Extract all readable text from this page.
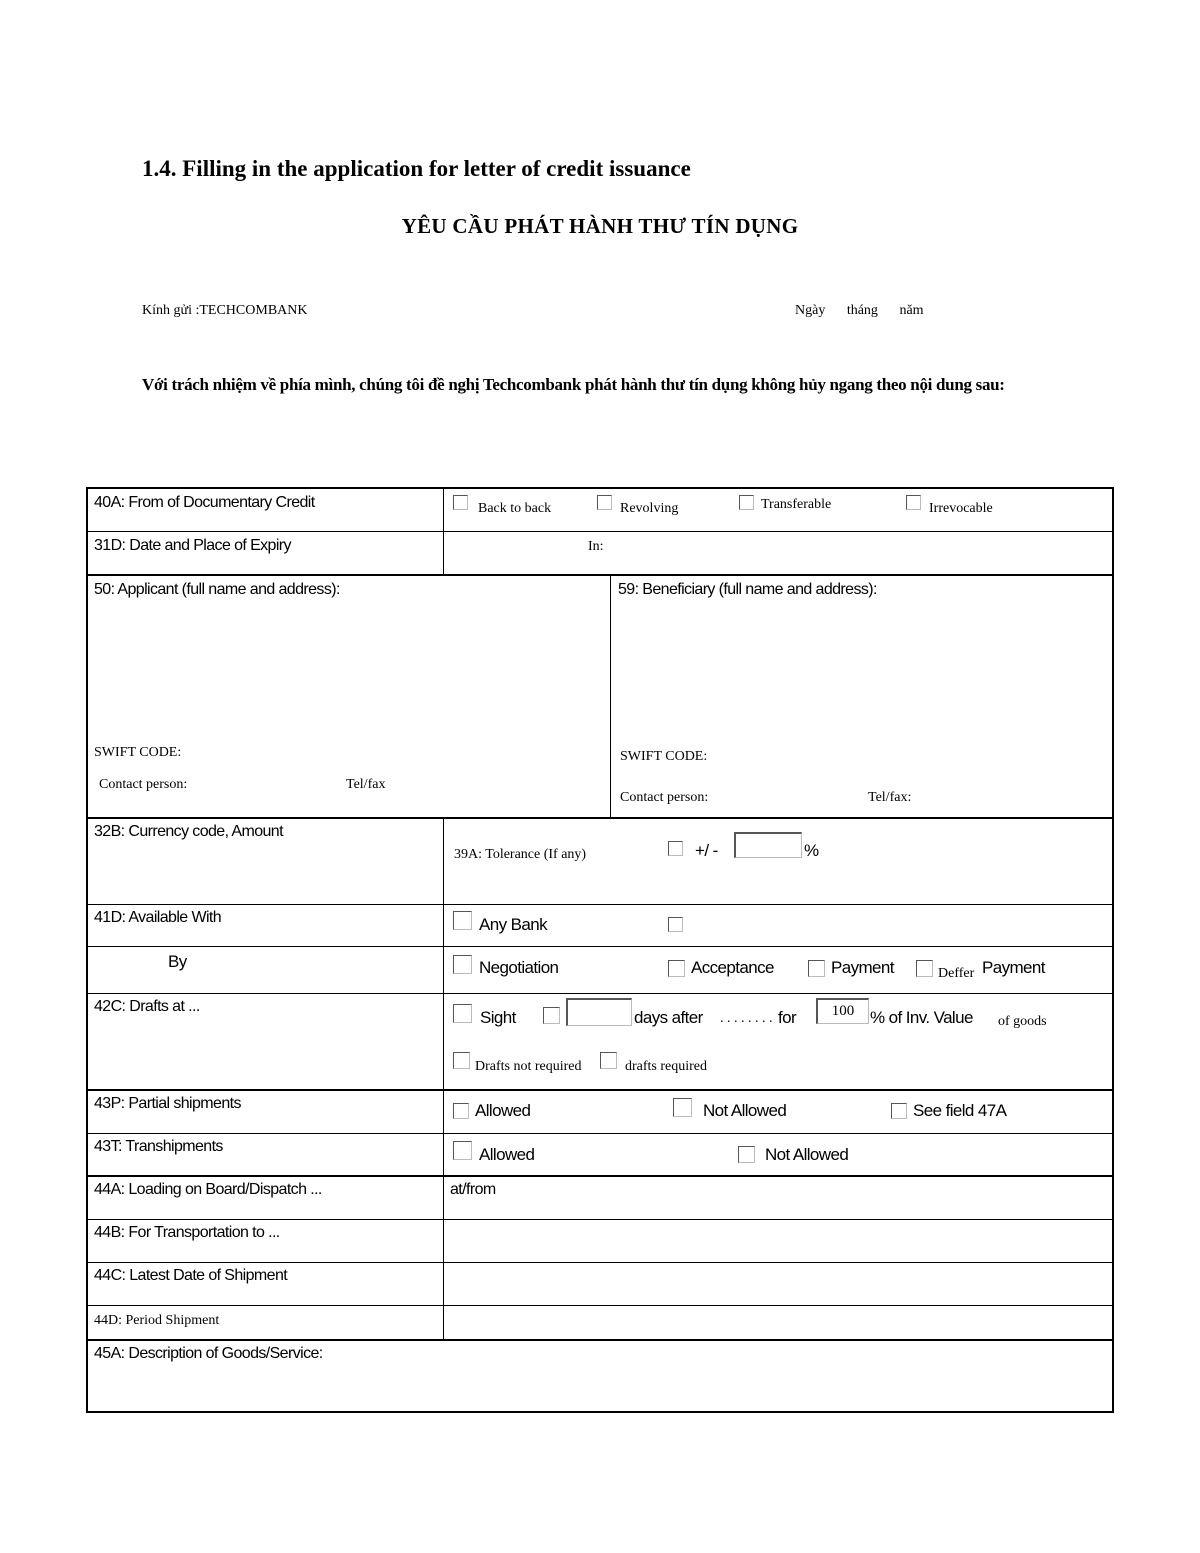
1.4. Filling in the application for letter of credit issuance
YÊU CẦU PHÁT HÀNH THƯ TÍN DỤNG
Kính gửi :TECHCOMBANK	Ngày tháng năm
Với trách nhiệm về phía mình, chúng tôi đề nghị Techcombank phát hành thư tín dụng không hủy ngang theo nội dung sau:
40A: From of Documentary Credit	Back to back	Revolving	Transferable	Irrevocable
31D: Date and Place of Expiry	In:
50: Applicant (full name and address):
SWIFT CODE:
Contact person:	Tel/fax
59: Beneficiary (full name and address):
SWIFT CODE:
Contact person:	Tel/fax:
32B: Currency code, Amount
39A: Tolerance (If any)	+/ -	%
41D: Available With	Any Bank
By	Negotiation	Acceptance	Payment	Deffer Payment
42C: Drafts at ...
Sight	days after . . . . . . . . for	100 % of Inv. Value of goods
Drafts not required	drafts required
43P: Partial shipments	Allowed	Not Allowed	See field 47A
43T: Transhipments	Allowed	Not Allowed
44A: Loading on Board/Dispatch ...	at/from
44B: For Transportation to ...
44C: Latest Date of Shipment
44D: Period Shipment
45A: Description of Goods/Service:
